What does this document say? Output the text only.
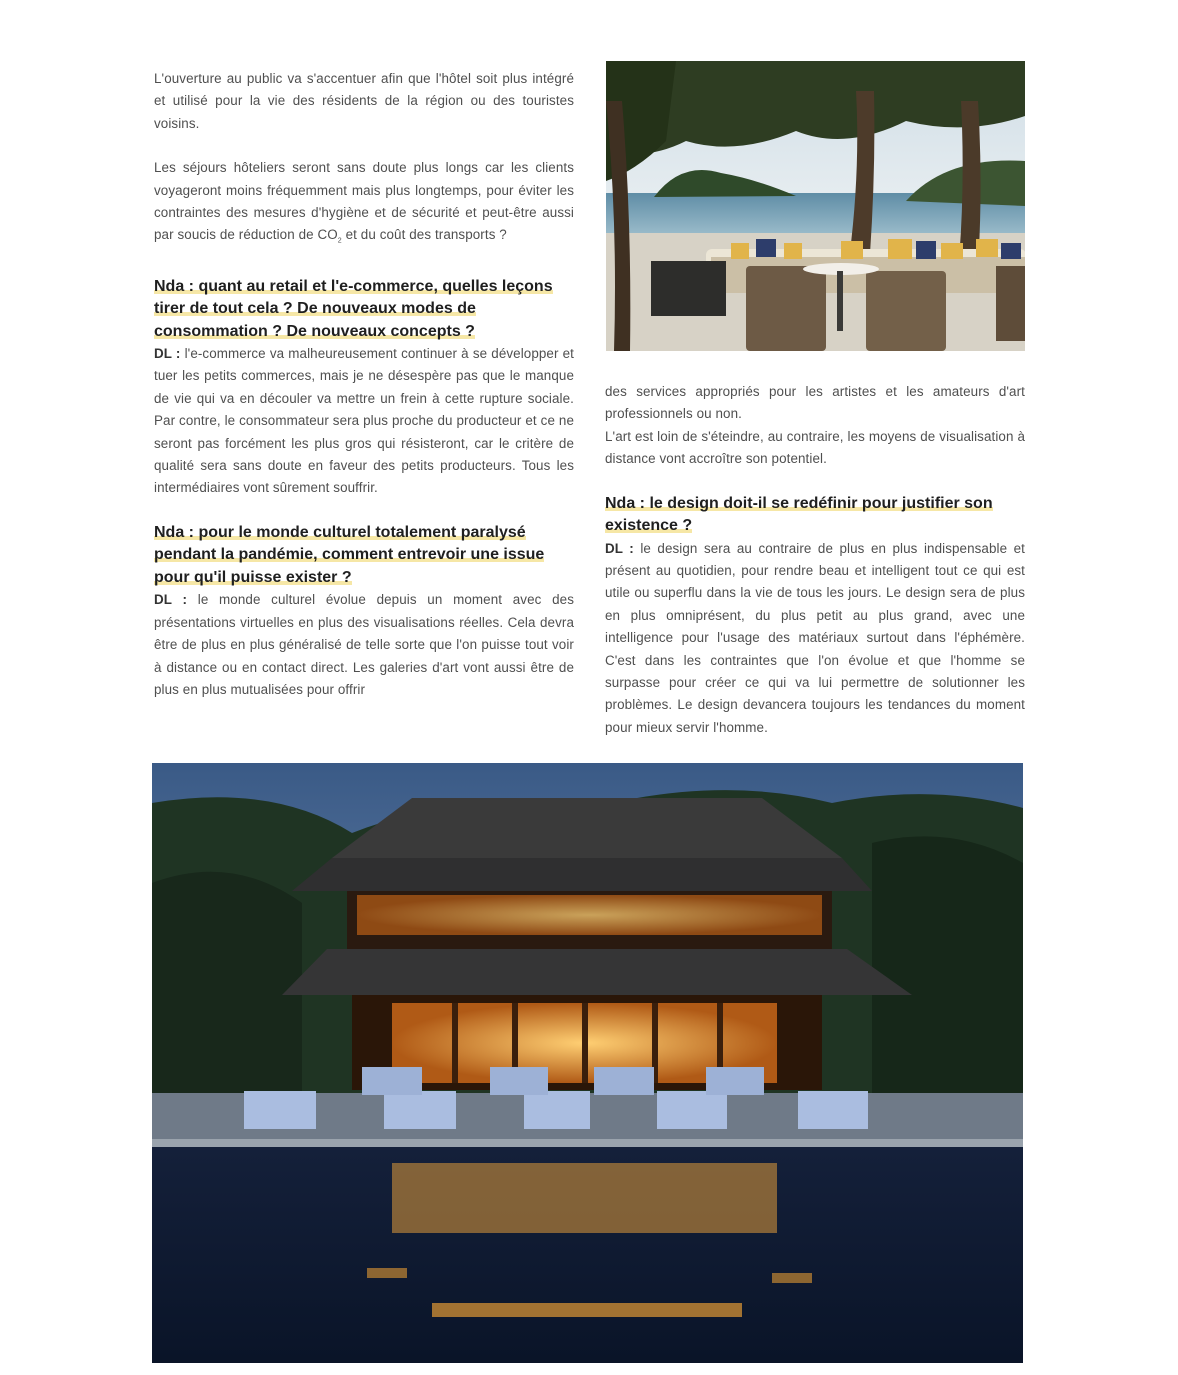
L'ouverture au public va s'accentuer afin que l'hôtel soit plus intégré et utilisé pour la vie des résidents de la région ou des touristes voisins.

Les séjours hôteliers seront sans doute plus longs car les clients voyageront moins fréquemment mais plus longtemps, pour éviter les contraintes des mesures d'hygiène et de sécurité et peut-être aussi par soucis de réduction de $CO_2$ et du coût des transports ?

Nda : quant au retail et l'e-commerce, quelles leçons tirer de tout cela ? De nouveaux modes de consommation ? De nouveaux concepts ?

DL : l'e-commerce va malheureusement continuer à se développer et tuer les petits commerces, mais je ne désespère pas que le manque de vie qui va en découler va mettre un frein à cette rupture sociale. Par contre, le consommateur sera plus proche du producteur et ce ne seront pas forcément les plus gros qui résisteront, car le critère de qualité sera sans doute en faveur des petits producteurs. Tous les intermédiaires vont sûrement souffrir.

Nda : pour le monde culturel totalement paralysé pendant la pandémie, comment entrevoir une issue pour qu'il puisse exister ?

DL : le monde culturel évolue depuis un moment avec des présentations virtuelles en plus des visualisations réelles. Cela devra être de plus en plus généralisé de telle sorte que l'on puisse tout voir à distance ou en contact direct. Les galeries d'art vont aussi être de plus en plus mutualisées pour offrir

des services appropriés pour les artistes et les amateurs d'art professionnels ou non.

L'art est loin de s'éteindre, au contraire, les moyens de visualisation à distance vont accroître son potentiel.

Nda : le design doit-il se redéfinir pour justifier son existence ?

DL : le design sera au contraire de plus en plus indispensable et présent au quotidien, pour rendre beau et intelligent tout ce qui est utile ou superflu dans la vie de tous les jours. Le design sera de plus en plus omniprésent, du plus petit au plus grand, avec une intelligence pour l'usage des matériaux surtout dans l'éphémère. C'est dans les contraintes que l'on évolue et que l'homme se surpasse pour créer ce qui va lui permettre de solutionner les problèmes. Le design devancera toujours les tendances du moment pour mieux servir l'homme.
